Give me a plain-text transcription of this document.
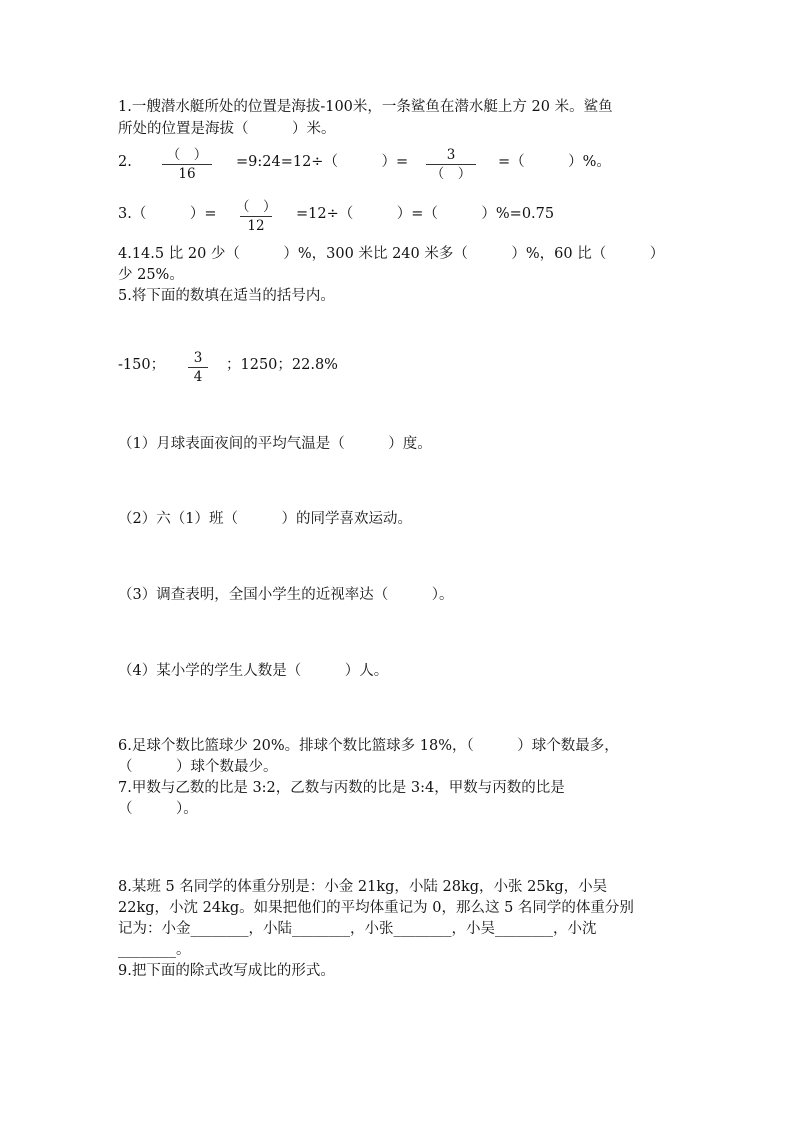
1.一艘潜水艇所处的位置是海拔-100米，一条鲨鱼在潜水艇上方 20 米。鲨鱼
所处的位置是海拔（　　　）米。
2.	（　）
16
=9:24=12÷（　　　）=	3
（　）
=（　　　）%。
3.（　　　）= （　）
12
=12÷（　　　）=（　　　）%=0.75
4.14.5 比 20 少（　　　）%，300 米比 240 米多（　　　）%，60 比（　　　）
少 25%。
5.将下面的数填在适当的括号内。
-150；	3
4
；1250；22.8%
（1）月球表面夜间的平均气温是（　　　）度。
（2）六（1）班（　　　）的同学喜欢运动。
（3）调查表明，全国小学生的近视率达（　　　）。
（4）某小学的学生人数是（　　　）人。
6.足球个数比篮球少 20%。排球个数比篮球多 18%，（　　　）球个数最多，
（　　　）球个数最少。
7.甲数与乙数的比是 3:2，乙数与丙数的比是 3:4，甲数与丙数的比是
（　　　）。
8.某班 5 名同学的体重分别是：小金 21kg，小陆 28kg，小张 25kg，小吴
22kg，小沈 24kg。如果把他们的平均体重记为 0，那么这 5 名同学的体重分别
记为：小金________，小陆________，小张________，小吴________，小沈
________。
9.把下面的除式改写成比的形式。
